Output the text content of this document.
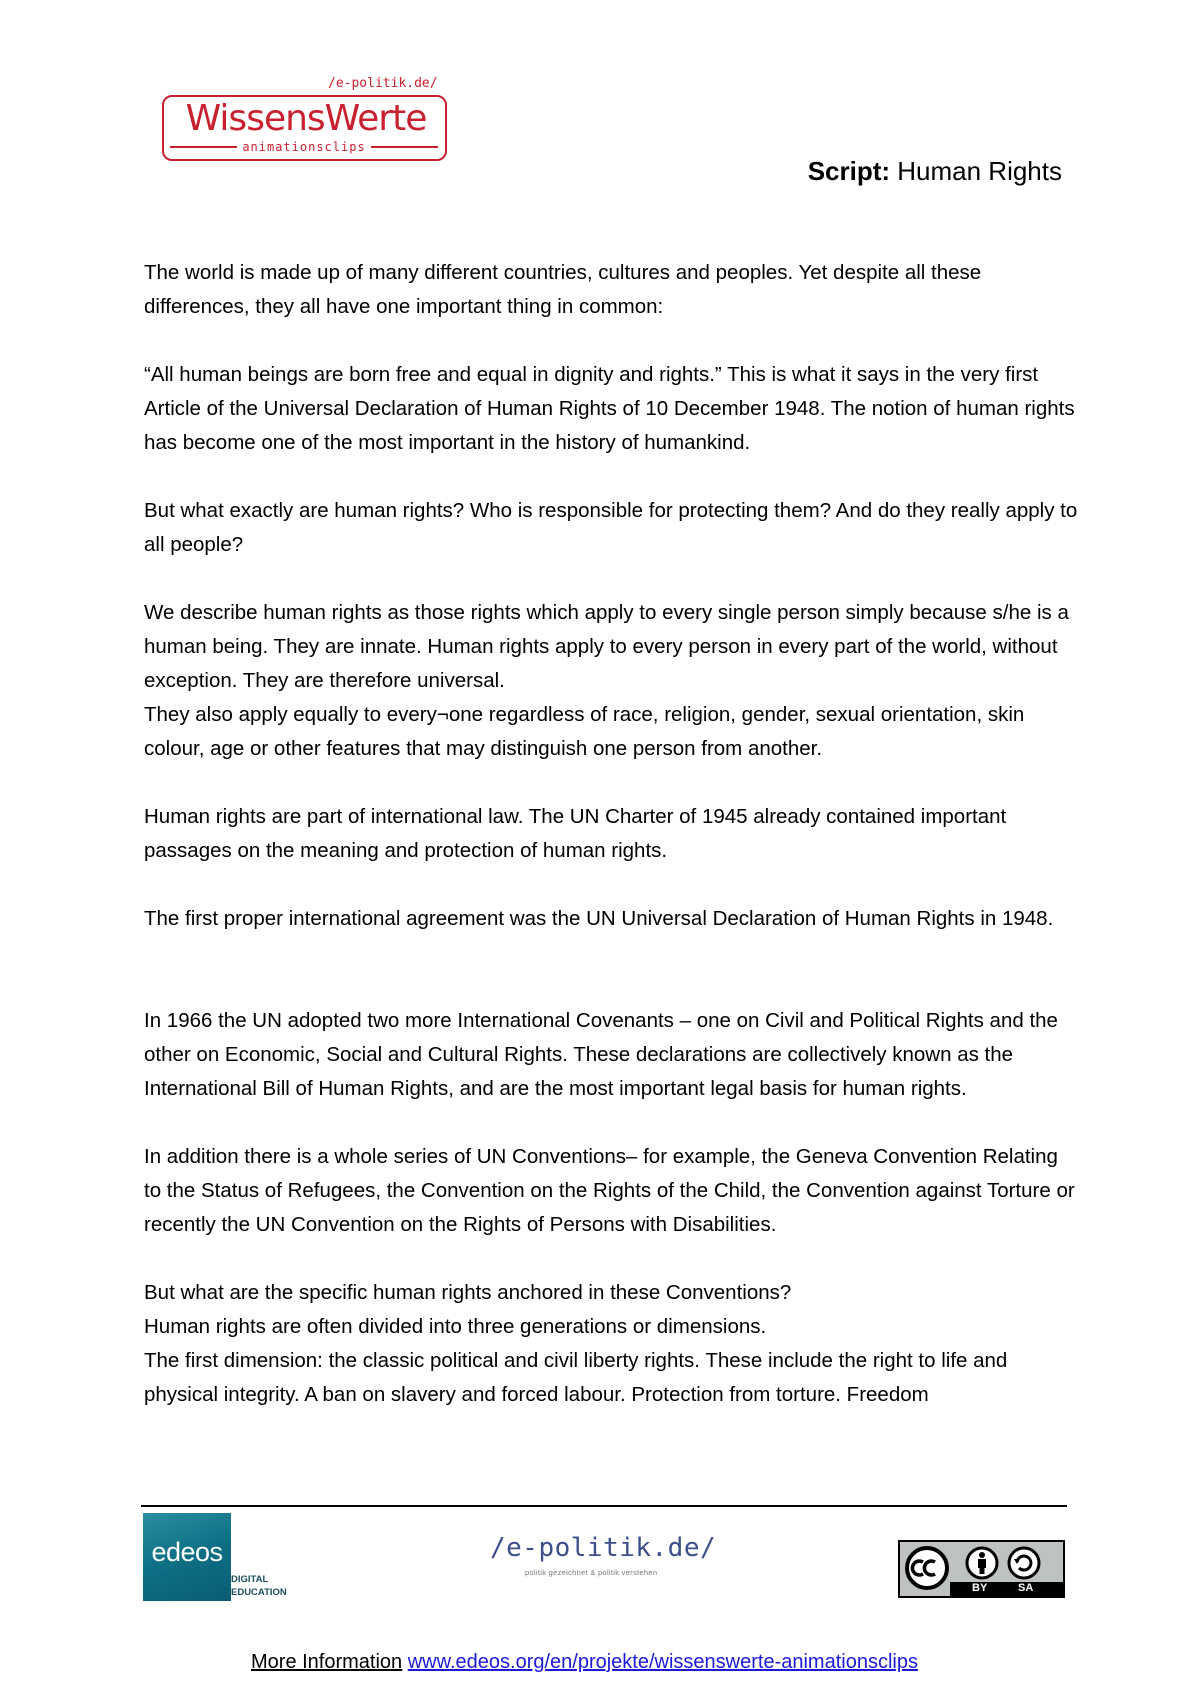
/e-politik.de/
WissensWerte
animationsclips
Script: Human Rights

The world is made up of many different countries, cultures and peoples. Yet despite all these differences, they all have one important thing in common:

“All human beings are born free and equal in dignity and rights.” This is what it says in the very first Article of the Universal Declaration of Human Rights of 10 December 1948. The notion of human rights has become one of the most important in the history of humankind.

But what exactly are human rights? Who is responsible for protecting them? And do they really apply to all people?

We describe human rights as those rights which apply to every single person simply because s/he is a human being. They are innate. Human rights apply to every person in every part of the world, without exception. They are therefore universal.

They also apply equally to every¬one regardless of race, religion, gender, sexual orientation, skin colour, age or other features that may distinguish one person from another.

Human rights are part of international law. The UN Charter of 1945 already contained important passages on the meaning and protection of human rights.

The first proper international agreement was the UN Universal Declaration of Human Rights in 1948.

In 1966 the UN adopted two more International Covenants – one on Civil and Political Rights and the other on Economic, Social and Cultural Rights. These declarations are collectively known as the International Bill of Human Rights, and are the most important legal basis for human rights.

In addition there is a whole series of UN Conventions– for example, the Geneva Convention Relating to the Status of Refugees, the Convention on the Rights of the Child, the Convention against Torture or recently the UN Convention on the Rights of Persons with Disabilities.

But what are the specific human rights anchored in these Conventions?

Human rights are often divided into three generations or dimensions.

The first dimension: the classic political and civil liberty rights. These include the right to life and physical integrity. A ban on slavery and forced labour. Protection from torture. Freedom

edeos
DIGITAL
EDUCATION
/e-politik.de/
politik gezeichnet & politik verstehen
BY	SA
More Information www.edeos.org/en/projekte/wissenswerte-animationsclips
